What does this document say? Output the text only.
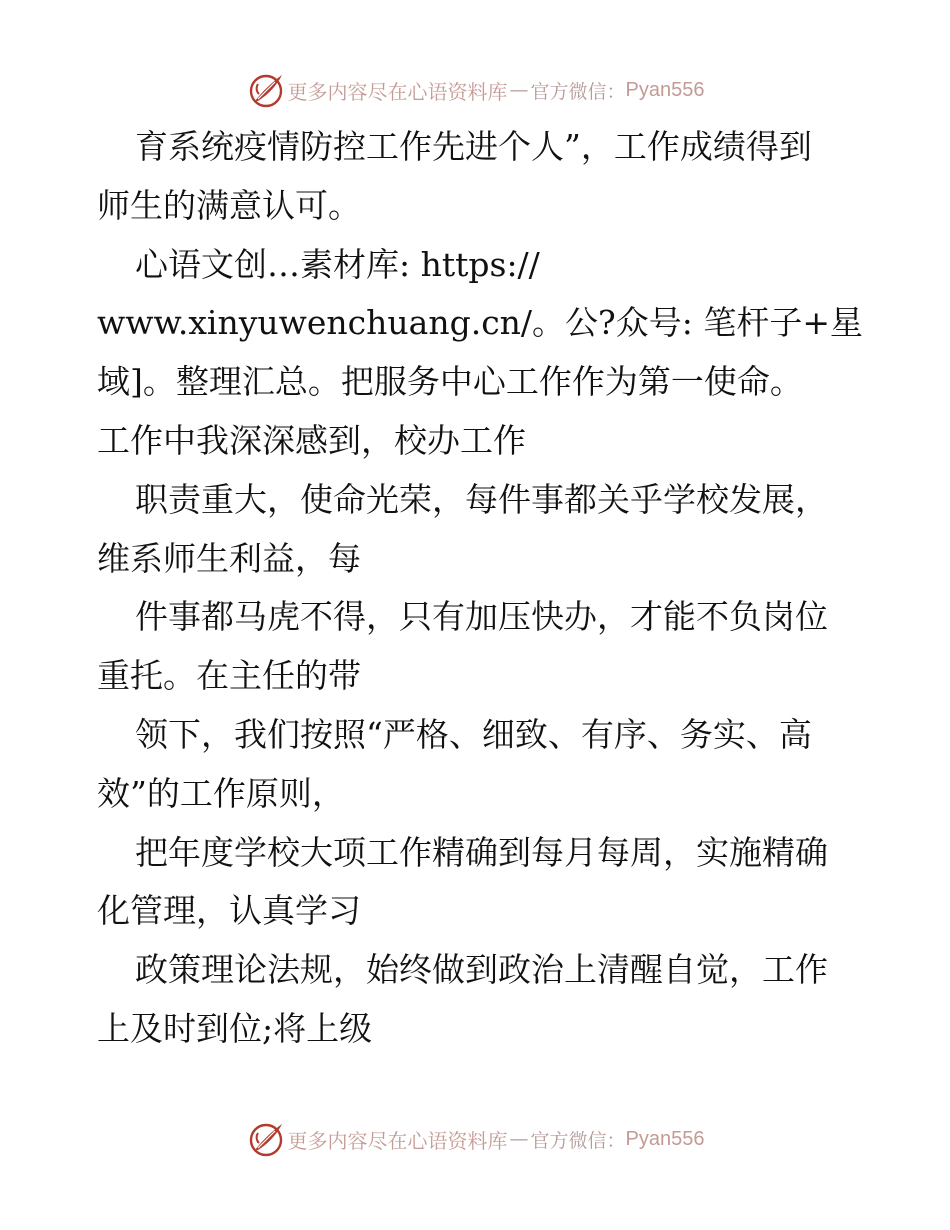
更多内容尽在心语资料库 — 官方微信： Pyan556
育系统疫情防控工作先进个人”，工作成绩得到
师生的满意认可。
心语文创…素材库: https://
www.xinyuwenchuang.cn/。公?众号: 笔杆子+星
域]。整理汇总。把服务中心工作作为第一使命。
工作中我深深感到，校办工作
职责重大，使命光荣，每件事都关乎学校发展，
维系师生利益，每
件事都马虎不得，只有加压快办，才能不负岗位
重托。在主任的带
领下，我们按照“严格、细致、有序、务实、高
效”的工作原则，
把年度学校大项工作精确到每月每周，实施精确
化管理，认真学习
政策理论法规，始终做到政治上清醒自觉，工作
上及时到位;将上级
更多内容尽在心语资料库 — 官方微信： Pyan556
